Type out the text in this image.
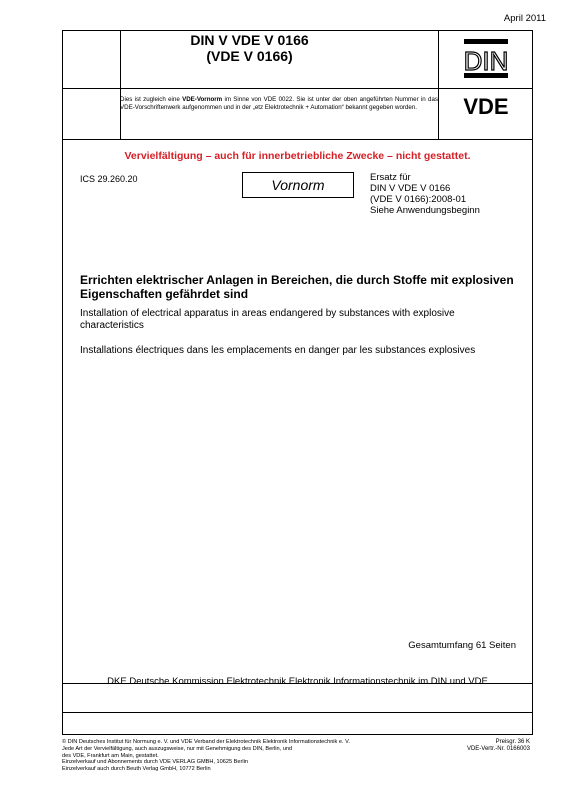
April 2011
DIN V VDE V 0166
(VDE V 0166)	DIN
VDE
Dies ist zugleich eine VDE-Vornorm im Sinne von VDE 0022. Sie ist unter der oben angeführten Nummer in das VDE-Vorschriftenwerk aufgenommen und in der „etz Elektrotechnik + Automation“ bekannt gegeben worden.
Vervielfältigung – auch für innerbetriebliche Zwecke – nicht gestattet.
ICS 29.260.20	Vornorm	Ersatz für
DIN V VDE V 0166
(VDE V 0166):2008-01
Siehe Anwendungsbeginn
Errichten elektrischer Anlagen in Bereichen, die durch Stoffe mit explosiven Eigenschaften gefährdet sind
Installation of electrical apparatus in areas endangered by substances with explosive characteristics
Installations électriques dans les emplacements en danger par les substances explosives
Gesamtumfang 61 Seiten
DKE Deutsche Kommission Elektrotechnik Elektronik Informationstechnik im DIN und VDE
© DIN Deutsches Institut für Normung e. V. und VDE Verband der Elektrotechnik Elektronik Informationstechnik e. V.
Jede Art der Vervielfältigung, auch auszugsweise, nur mit Genehmigung des DIN, Berlin, und
des VDE, Frankfurt am Main, gestattet.
Einzelverkauf und Abonnements durch VDE VERLAG GMBH, 10625 Berlin
Einzelverkauf auch durch Beuth Verlag GmbH, 10772 Berlin
Preisgr. 36 K
VDE-Vertr.-Nr. 0166003
